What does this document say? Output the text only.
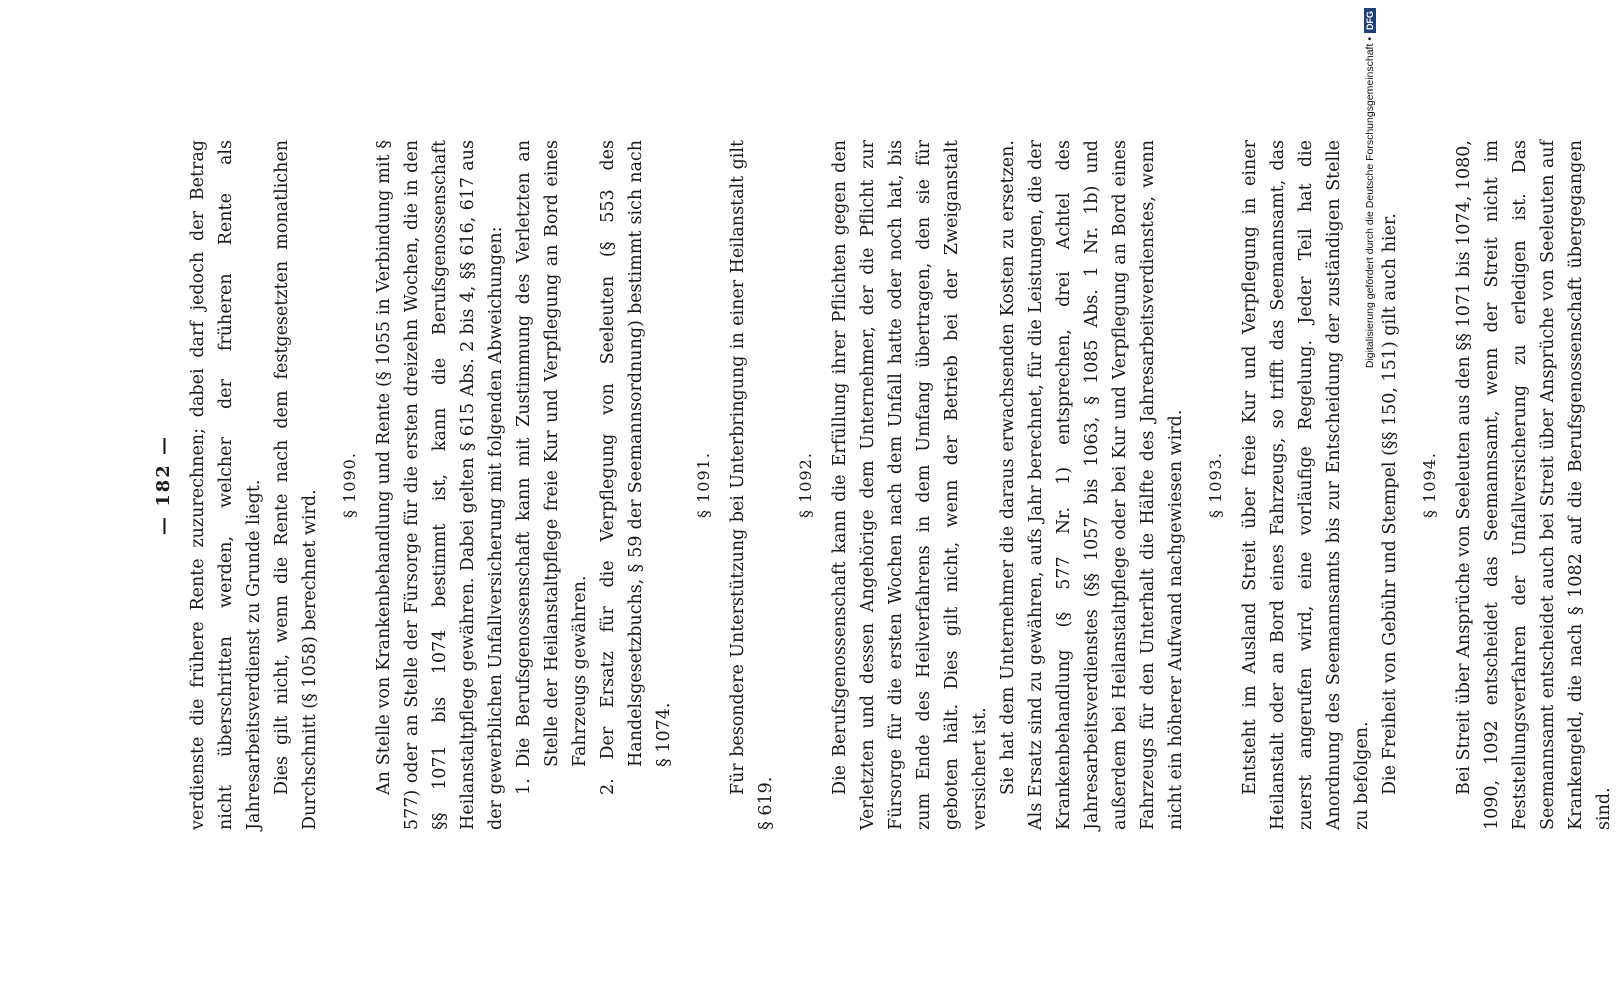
— 182 — verdienste die frühere Rente zuzurechnen; dabei darf jedoch der Betrag nicht überschritten werden, welcher der früheren Rente als Jahresarbeitsverdienst zu Grunde liegt. Dies gilt nicht, wenn die Rente nach dem festgesetzten monatlichen Durchschnitt (§ 1058) berechnet wird.

§ 1090. An Stelle von Krankenbehandlung und Rente (§ 1055 in Verbindung mit § 577) oder an Stelle der Fürsorge für die ersten dreizehn Wochen, die in den §§ 1071 bis 1074 bestimmt ist, kann die Berufsgenossenschaft Heilanstaltpflege gewähren. Dabei gelten § 615 Abs. 2 bis 4, §§ 616, 617 aus der gewerblichen Unfallversicherung mit folgenden Abweichungen: 1. Die Berufsgenossenschaft kann mit Zustimmung des Verletzten an Stelle der Heilanstaltpflege freie Kur und Verpflegung an Bord eines Fahrzeugs gewähren. 2. Der Ersatz für die Verpflegung von Seeleuten (§ 553 des Handelsgesetzbuchs, § 59 der Seemannsordnung) bestimmt sich nach § 1074.

§ 1091. Für besondere Unterstützung bei Unterbringung in einer Heilanstalt gilt § 619.

§ 1092. Die Berufsgenossenschaft kann die Erfüllung ihrer Pflichten gegen den Verletzten und dessen Angehörige dem Unternehmer, der die Pflicht zur Fürsorge für die ersten Wochen nach dem Unfall hatte oder noch hat, bis zum Ende des Heilverfahrens in dem Umfang übertragen, den sie für geboten hält. Dies gilt nicht, wenn der Betrieb bei der Zweiganstalt versichert ist. Sie hat dem Unternehmer die daraus erwachsenden Kosten zu ersetzen. Als Ersatz sind zu gewähren, aufs Jahr berechnet, für die Leistungen, die der Krankenbehandlung (§ 577 Nr. 1) entsprechen, drei Achtel des Jahresarbeitsverdienstes (§§ 1057 bis 1063, § 1085 Abs. 1 Nr. 1b) und außerdem bei Heilanstaltpflege oder bei Kur und Verpflegung an Bord eines Fahrzeugs für den Unterhalt die Hälfte des Jahresarbeitsverdienstes, wenn nicht ein höherer Aufwand nachgewiesen wird. § 1093. Entsteht im Ausland Streit über freie Kur und Verpflegung in einer Heilanstalt oder an Bord eines Fahrzeugs, so trifft das Seemannsamt, das zuerst angerufen wird, eine vorläufige Regelung. Jeder Teil hat die Anordnung des Seemannsamts bis zur Entscheidung der zuständigen Stelle zu befolgen. Die Freiheit von Gebühr und Stempel (§§ 150, 151) gilt auch hier. § 1094. Bei Streit über Ansprüche von Seeleuten aus den §§ 1071 bis 1074, 1080, 1090, 1092 entscheidet das Seemannsamt, wenn der Streit nicht im Feststellungsverfahren der Unfallversicherung zu erledigen ist. Das Seemannsamt entscheidet auch bei Streit über Ansprüche von Seeleuten auf Krankengeld, die nach § 1082 auf die Berufsgenossenschaft übergegangen sind.

Digitalisierung gefördert durch die Deutsche Forschungsgemeinschaft •
DFG
